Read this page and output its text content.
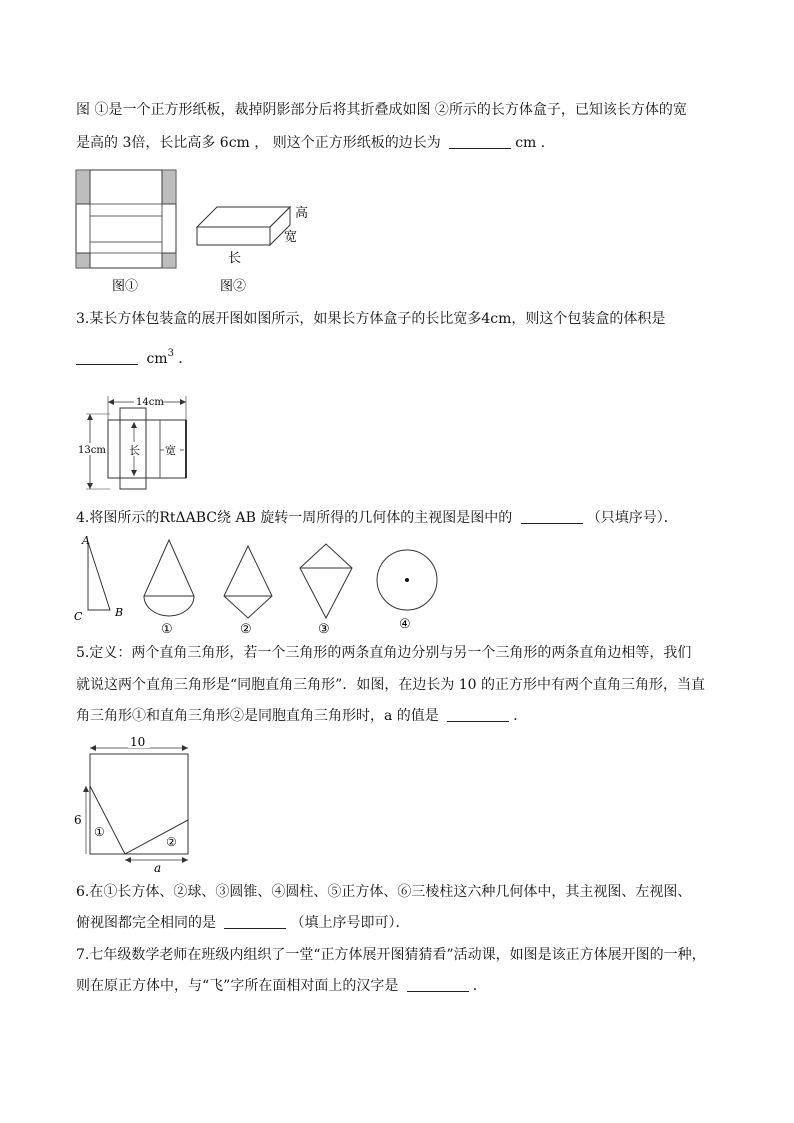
图 ①是一个正方形纸板，裁掉阴影部分后将其折叠成如图 ②所示的长方体盒子，已知该长方体的宽
是高的 3倍，长比高多 6cm ， 则这个正方形纸板的边长为	cm ．
图①
高
宽
长
图②
3.某长方体包装盒的展开图如图所示，如果长方体盒子的长比宽多4cm，则这个包装盒的体积是
$cm^3$ ．
14cm
13cm 长 宽
4.将图所示的RtΔABC绕 AB 旋转一周所得的几何体的主视图是图中的	（只填序号）．
A
B
C
①	②	③	④
5.定义：两个直角三角形，若一个三角形的两条直角边分别与另一个三角形的两条直角边相等，我们
就说这两个直角三角形是“同胞直角三角形”．如图，在边长为 10 的正方形中有两个直角三角形，当直
角三角形①和直角三角形②是同胞直角三角形时，a 的值是	．
10
6
a
①
②
6.在①长方体、②球、③圆锥、④圆柱、⑤正方体、⑥三棱柱这六种几何体中，其主视图、左视图、
俯视图都完全相同的是	（填上序号即可）．
7.七年级数学老师在班级内组织了一堂“正方体展开图猜猜看”活动课，如图是该正方体展开图的一种，
则在原正方体中，与“飞”字所在面相对面上的汉字是	．
